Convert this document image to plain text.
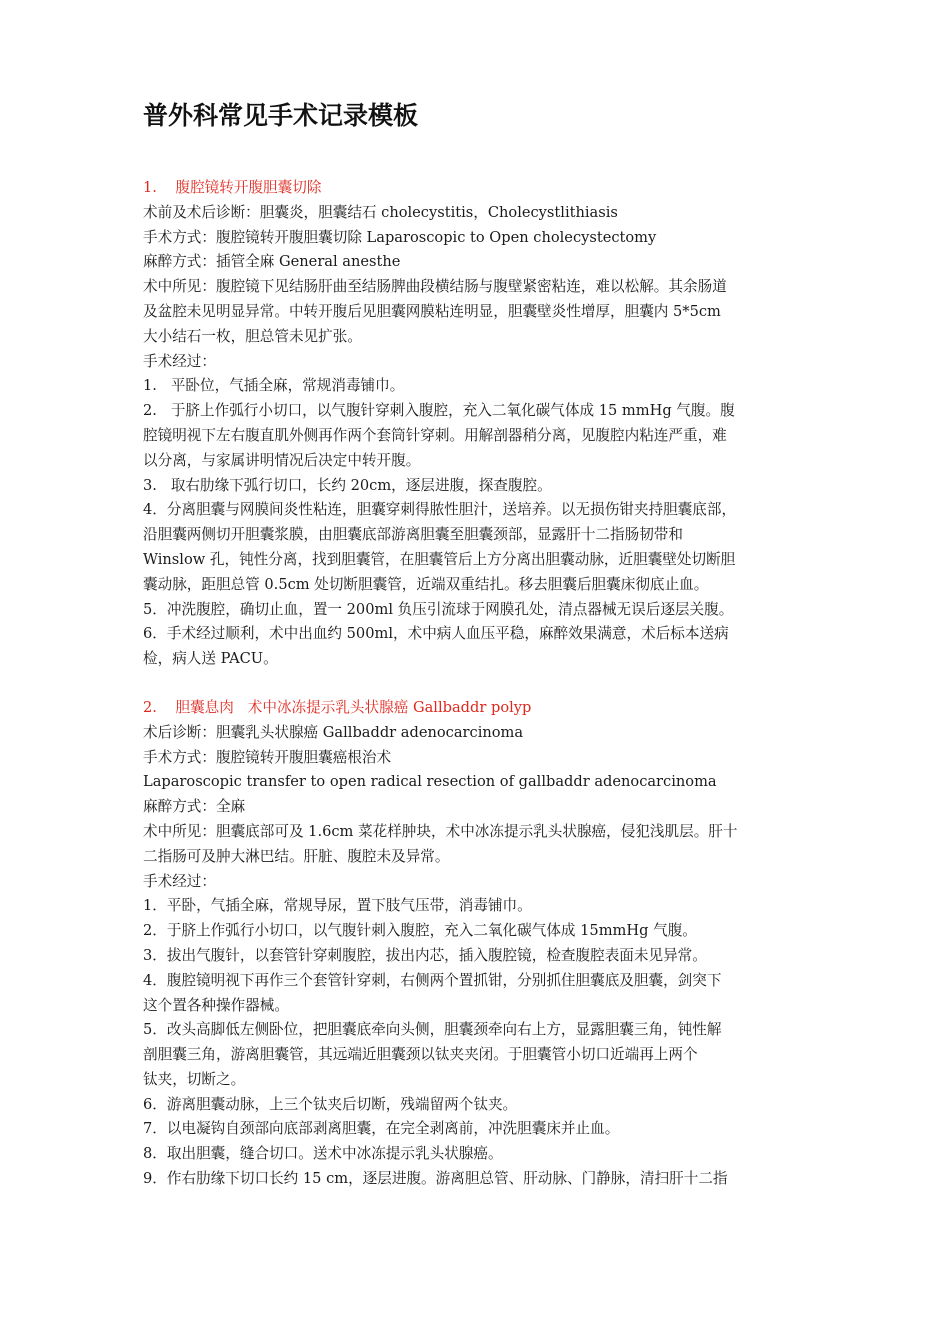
普外科常见手术记录模板
1.    腹腔镜转开腹胆囊切除
术前及术后诊断：胆囊炎，胆囊结石 cholecystitis，Cholecystlithiasis
手术方式：腹腔镜转开腹胆囊切除 Laparoscopic to Open cholecystectomy
麻醉方式：插管全麻 General anesthe
术中所见：腹腔镜下见结肠肝曲至结肠脾曲段横结肠与腹壁紧密粘连，难以松解。其余肠道
及盆腔未见明显异常。中转开腹后见胆囊网膜粘连明显，胆囊壁炎性增厚，胆囊内 5*5cm
大小结石一枚，胆总管未见扩张。
手术经过：
1.   平卧位，气插全麻，常规消毒铺巾。
2.   于脐上作弧行小切口，以气腹针穿刺入腹腔，充入二氧化碳气体成 15 mmHg 气腹。腹
腔镜明视下左右腹直肌外侧再作两个套筒针穿刺。用解剖器稍分离，见腹腔内粘连严重，难
以分离，与家属讲明情况后决定中转开腹。
3.   取右肋缘下弧行切口，长约 20cm，逐层进腹，探查腹腔。
4．分离胆囊与网膜间炎性粘连，胆囊穿刺得脓性胆汁，送培养。以无损伤钳夹持胆囊底部，
沿胆囊两侧切开胆囊浆膜，由胆囊底部游离胆囊至胆囊颈部，显露肝十二指肠韧带和
Winslow 孔，钝性分离，找到胆囊管，在胆囊管后上方分离出胆囊动脉，近胆囊壁处切断胆
囊动脉，距胆总管 0.5cm 处切断胆囊管，近端双重结扎。移去胆囊后胆囊床彻底止血。
5．冲洗腹腔，确切止血，置一 200ml 负压引流球于网膜孔处，清点器械无误后逐层关腹。
6．手术经过顺利，术中出血约 500ml，术中病人血压平稳，麻醉效果满意，术后标本送病
检，病人送 PACU。
2.    胆囊息肉   术中冰冻提示乳头状腺癌 Gallbaddr polyp
术后诊断：胆囊乳头状腺癌 Gallbaddr adenocarcinoma
手术方式：腹腔镜转开腹胆囊癌根治术
Laparoscopic transfer to open radical resection of gallbaddr adenocarcinoma
麻醉方式：全麻
术中所见：胆囊底部可及 1.6cm 菜花样肿块，术中冰冻提示乳头状腺癌，侵犯浅肌层。肝十
二指肠可及肿大淋巴结。肝脏、腹腔未及异常。
手术经过：
1．平卧，气插全麻，常规导尿，置下肢气压带，消毒铺巾。
2．于脐上作弧行小切口，以气腹针刺入腹腔，充入二氧化碳气体成 15mmHg 气腹。
3．拔出气腹针，以套管针穿刺腹腔，拔出内芯，插入腹腔镜，检查腹腔表面未见异常。
4．腹腔镜明视下再作三个套管针穿刺，右侧两个置抓钳，分别抓住胆囊底及胆囊，剑突下
这个置各种操作器械。
5．改头高脚低左侧卧位，把胆囊底牵向头侧，胆囊颈牵向右上方，显露胆囊三角，钝性解
剖胆囊三角，游离胆囊管，其远端近胆囊颈以钛夹夹闭。于胆囊管小切口近端再上两个
钛夹，切断之。
6．游离胆囊动脉，上三个钛夹后切断，残端留两个钛夹。
7．以电凝钩自颈部向底部剥离胆囊，在完全剥离前，冲洗胆囊床并止血。
8．取出胆囊，缝合切口。送术中冰冻提示乳头状腺癌。
9．作右肋缘下切口长约 15 cm，逐层进腹。游离胆总管、肝动脉、门静脉，清扫肝十二指
